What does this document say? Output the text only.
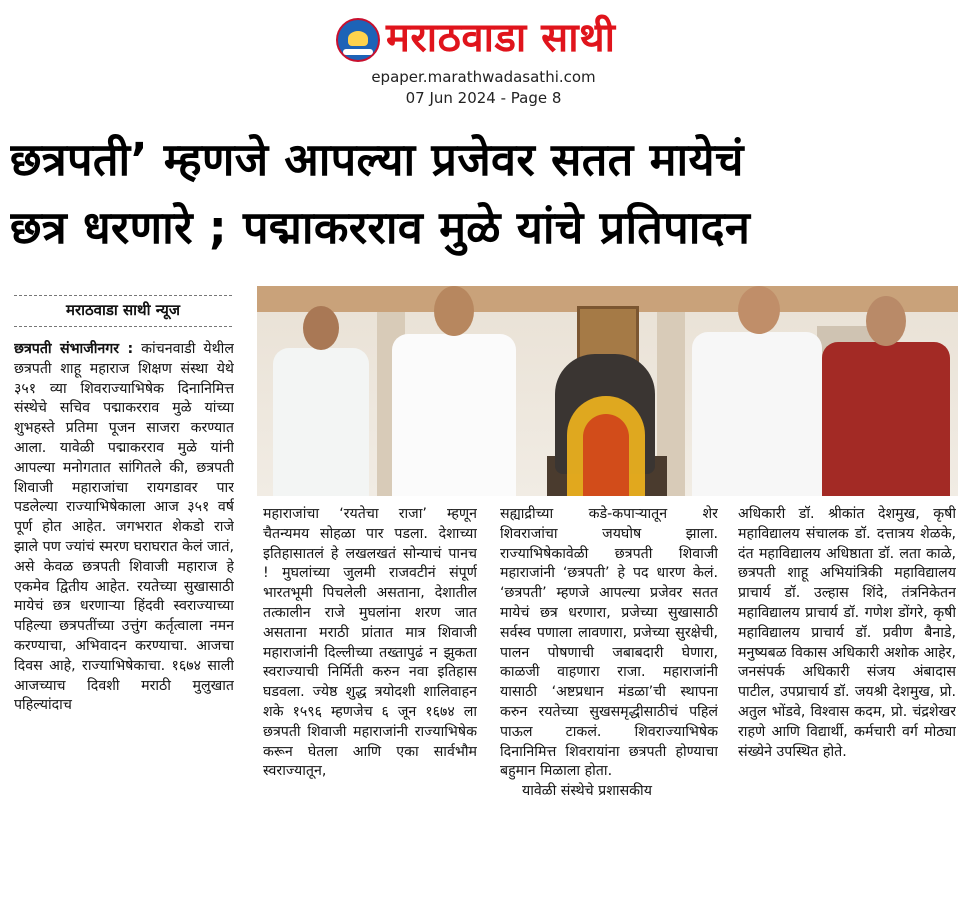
मराठवाडा साथी
epaper.marathwadasathi.com
07 Jun 2024 - Page 8
छत्रपती’ म्हणजे आपल्या प्रजेवर सतत मायेचं
छत्र धरणारे ; पद्माकरराव मुळे यांचे प्रतिपादन
मराठवाडा साथी न्यूज
छत्रपती संभाजीनगर : कांचनवाडी येथील छत्रपती शाहू महाराज शिक्षण संस्था येथे ३५१ व्या शिवराज्याभिषेक दिनानिमित्त संस्थेचे सचिव पद्माकरराव मुळे यांच्या शुभहस्ते प्रतिमा पूजन साजरा करण्यात आला. यावेळी पद्माकरराव मुळे यांनी आपल्या मनोगतात सांगितले की, छत्रपती शिवाजी महाराजांचा रायगडावर पार पडलेल्या राज्याभिषेकाला आज ३५१ वर्ष पूर्ण होत आहेत. जगभरात शेकडो राजे झाले पण ज्यांचं स्मरण घराघरात केलं जातं, असे केवळ छत्रपती शिवाजी महाराज हे एकमेव द्वितीय आहेत. रयतेच्या सुखासाठी मायेचं छत्र धरणाऱ्या हिंदवी स्वराज्याच्या पहिल्या छत्रपतींच्या उत्तुंग कर्तृत्वाला नमन करण्याचा, अभिवादन करण्याचा. आजचा दिवस आहे, राज्याभिषेकाचा. १६७४ साली आजच्याच दिवशी मराठी मुलुखात पहिल्यांदाच
महाराजांचा ‘रयतेचा राजा’ म्हणून चैतन्यमय सोहळा पार पडला. देशाच्या इतिहासातलं हे लखलखतं सोन्याचं पानच ! मुघलांच्या जुलमी राजवटीनं संपूर्ण भारतभूमी पिचलेली असताना, देशातील तत्कालीन राजे मुघलांना शरण जात असताना मराठी प्रांतात मात्र शिवाजी महाराजांनी दिल्लीच्या तख्तापुढं न झुकता स्वराज्याची निर्मिती करुन नवा इतिहास घडवला. ज्येष्ठ शुद्ध त्रयोदशी शालिवाहन शके १५९६ म्हणजेच ६ जून १६७४ ला छत्रपती शिवाजी महाराजांनी राज्याभिषेक करून घेतला आणि एका सार्वभौम स्वराज्यातून,
सह्याद्रीच्या कडे-कपाऱ्यातून शेर शिवराजांचा जयघोष झाला. राज्याभिषेकावेळी छत्रपती शिवाजी महाराजांनी ‘छत्रपती’ हे पद धारण केलं. ‘छत्रपती’ म्हणजे आपल्या प्रजेवर सतत मायेचं छत्र धरणारा, प्रजेच्या सुखासाठी सर्वस्व पणाला लावणारा, प्रजेच्या सुरक्षेची, पालन पोषणाची जबाबदारी घेणारा, काळजी वाहणारा राजा. महाराजांनी यासाठी ‘अष्टप्रधान मंडळा’ची स्थापना करुन रयतेच्या सुखसमृद्धीसाठीचं पहिलं पाऊल टाकलं. शिवराज्याभिषेक दिनानिमित्त शिवरायांना छत्रपती होण्याचा बहुमान मिळाला होता.
यावेळी संस्थेचे प्रशासकीय
अधिकारी डॉ. श्रीकांत देशमुख, कृषी महाविद्यालय संचालक डॉ. दत्तात्रय शेळके, दंत महाविद्यालय अधिष्ठाता डॉ. लता काळे, छत्रपती शाहू अभियांत्रिकी महाविद्यालय प्राचार्य डॉ. उल्हास शिंदे, तंत्रनिकेतन महाविद्यालय प्राचार्य डॉ. गणेश डोंगरे, कृषी महाविद्यालय प्राचार्य डॉ. प्रवीण बैनाडे, मनुष्यबळ विकास अधिकारी अशोक आहेर, जनसंपर्क अधिकारी संजय अंबादास पाटील, उपप्राचार्य डॉ. जयश्री देशमुख, प्रो. अतुल भोंडवे, विश्वास कदम, प्रो. चंद्रशेखर राहणे आणि विद्यार्थी, कर्मचारी वर्ग मोठ्या संख्येने उपस्थित होते.
